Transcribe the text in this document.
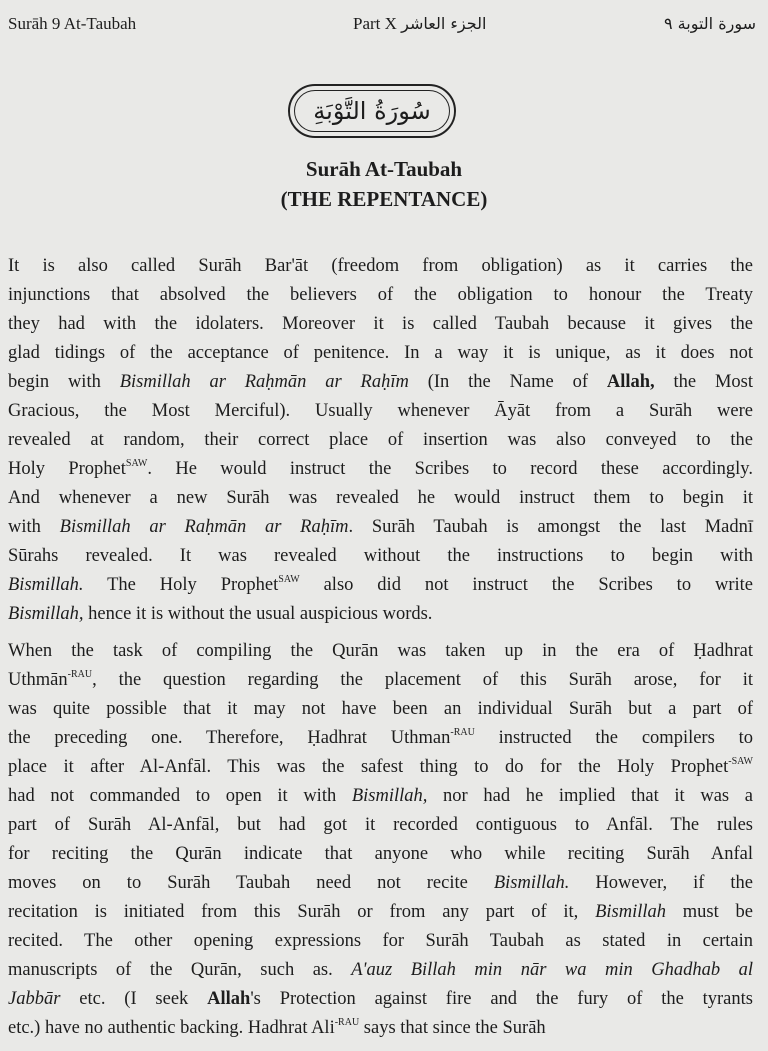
Surāh 9 At-Taubah	Part X الجزء العاشر	سورة التوبة ٩
سُورَةُ التَّوْبَةِ
Surāh At-Taubah
(THE REPENTANCE)

It is also called Surāh Bar'āt (freedom from obligation) as it carries the
injunctions that absolved the believers of the obligation to honour the Treaty
they had with the idolaters. Moreover it is called Taubah because it gives the
glad tidings of the acceptance of penitence. In a way it is unique, as it does not
begin with Bismillah ar Raḥmān ar Raḥīm (In the Name of Allah, the Most
Gracious, the Most Merciful). Usually whenever Āyāt from a Surāh were
revealed at random, their correct place of insertion was also conveyed to the
Holy Prophet$^{SAW}$. He would instruct the Scribes to record these accordingly.
And whenever a new Surāh was revealed he would instruct them to begin it
with Bismillah ar Raḥmān ar Raḥīm. Surāh Taubah is amongst the last Madnī
Sūrahs revealed. It was revealed without the instructions to begin with
Bismillah. The Holy Prophet$^{SAW}$ also did not instruct the Scribes to write
Bismillah, hence it is without the usual auspicious words.

When the task of compiling the Qurān was taken up in the era of Ḥadhrat
Uthmān$^{-RAU}$, the question regarding the placement of this Surāh arose, for it
was quite possible that it may not have been an individual Surāh but a part of
the preceding one. Therefore, Ḥadhrat Uthman$^{-RAU}$ instructed the compilers to
place it after Al-Anfāl. This was the safest thing to do for the Holy Prophet$^{-SAW}$
had not commanded to open it with Bismillah, nor had he implied that it was a
part of Surāh Al-Anfāl, but had got it recorded contiguous to Anfāl. The rules
for reciting the Qurān indicate that anyone who while reciting Surāh Anfal
moves on to Surāh Taubah need not recite Bismillah. However, if the
recitation is initiated from this Surāh or from any part of it, Bismillah must be
recited. The other opening expressions for Surāh Taubah as stated in certain
manuscripts of the Qurān, such as. A'auz Billah min nār wa min Ghadhab al
Jabbār etc. (I seek Allah's Protection against fire and the fury of the tyrants
etc.) have no authentic backing. Hadhrat Ali$^{-RAU}$ says that since the Surāh
